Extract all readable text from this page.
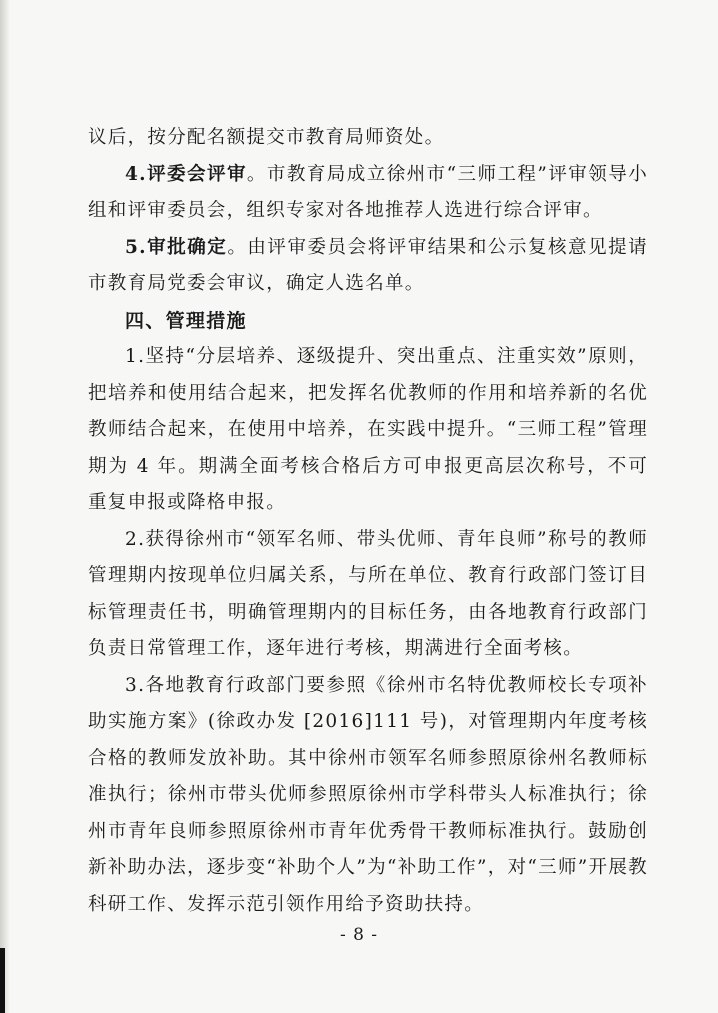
议后，按分配名额提交市教育局师资处。

4.评委会评审。市教育局成立徐州市“三师工程”评审领导小组和评审委员会，组织专家对各地推荐人选进行综合评审。

5.审批确定。由评审委员会将评审结果和公示复核意见提请市教育局党委会审议，确定人选名单。

四、管理措施

1.坚持“分层培养、逐级提升、突出重点、注重实效”原则，把培养和使用结合起来，把发挥名优教师的作用和培养新的名优教师结合起来，在使用中培养，在实践中提升。“三师工程”管理期为 4 年。期满全面考核合格后方可申报更高层次称号，不可重复申报或降格申报。

2.获得徐州市“领军名师、带头优师、青年良师”称号的教师管理期内按现单位归属关系，与所在单位、教育行政部门签订目标管理责任书，明确管理期内的目标任务，由各地教育行政部门负责日常管理工作，逐年进行考核，期满进行全面考核。

3.各地教育行政部门要参照《徐州市名特优教师校长专项补助实施方案》(徐政办发 [2016]111 号)，对管理期内年度考核合格的教师发放补助。其中徐州市领军名师参照原徐州名教师标准执行；徐州市带头优师参照原徐州市学科带头人标准执行；徐州市青年良师参照原徐州市青年优秀骨干教师标准执行。鼓励创新补助办法，逐步变“补助个人”为“补助工作”，对“三师”开展教科研工作、发挥示范引领作用给予资助扶持。

- 8 -
